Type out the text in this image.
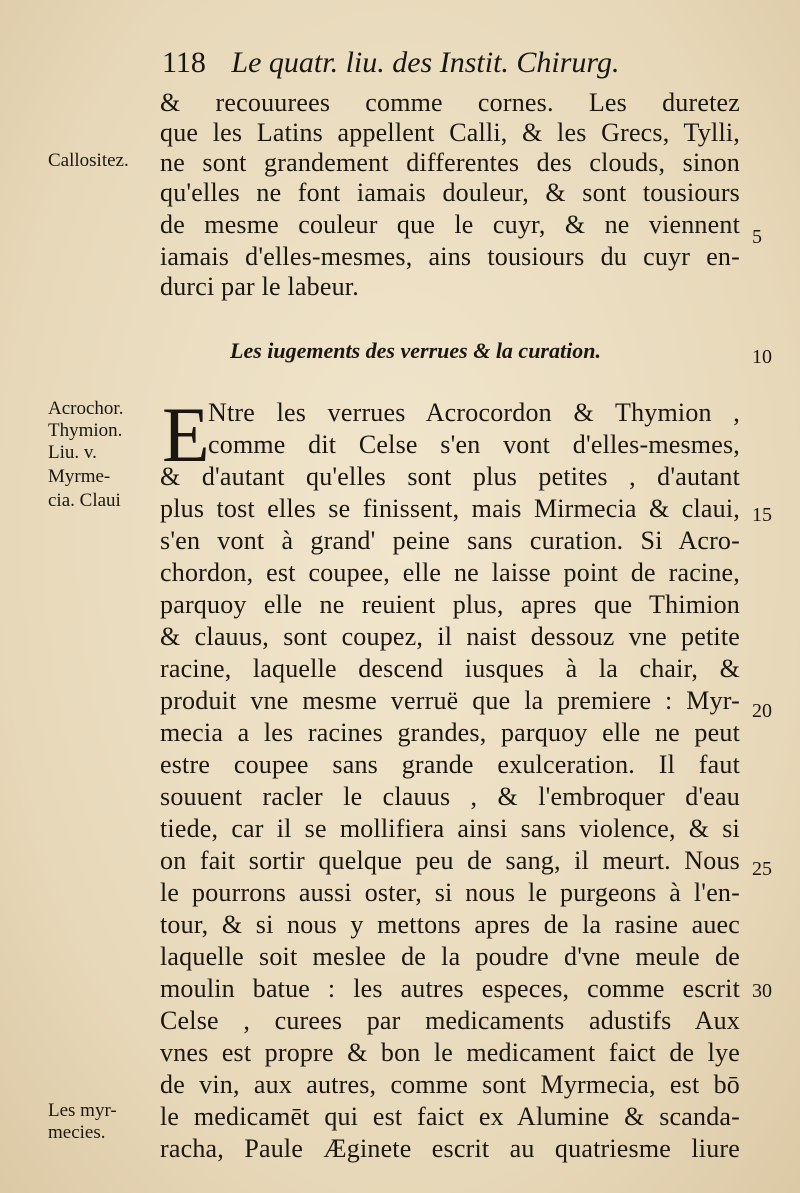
118 Le quatr. liu. des Instit. Chirurg.
& recouurees comme cornes. Les duretez
que les Latins appellent Calli, & les Grecs, Tylli,
ne sont grandement differentes des clouds, sinon
qu'elles ne font iamais douleur, & sont tousiours
de mesme couleur que le cuyr, & ne viennent
iamais d'elles-mesmes, ains tousiours du cuyr en-
durci par le labeur.
Les iugements des verrues & la curation.
E
Ntre les verrues Acrocordon & Thymion ,
comme dit Celse s'en vont d'elles-mesmes,
& d'autant qu'elles sont plus petites , d'autant
plus tost elles se finissent, mais Mirmecia & claui,
s'en vont à grand' peine sans curation. Si Acro-
chordon, est coupee, elle ne laisse point de racine,
parquoy elle ne reuient plus, apres que Thimion
& clauus, sont coupez, il naist dessouz vne petite
racine, laquelle descend iusques à la chair, &
produit vne mesme verruë que la premiere : Myr-
mecia a les racines grandes, parquoy elle ne peut
estre coupee sans grande exulceration. Il faut
souuent racler le clauus , & l'embroquer d'eau
tiede, car il se mollifiera ainsi sans violence, & si
on fait sortir quelque peu de sang, il meurt. Nous
le pourrons aussi oster, si nous le purgeons à l'en-
tour, & si nous y mettons apres de la rasine auec
laquelle soit meslee de la poudre d'vne meule de
moulin batue : les autres especes, comme escrit
Celse , curees par medicaments adustifs Aux
vnes est propre & bon le medicament faict de lye
de vin, aux autres, comme sont Myrmecia, est bō
le medicamēt qui est faict ex Alumine & scanda-
racha, Paule Æginete escrit au quatriesme liure
Callositez.
Acrochor.
Thymion.
Liu. v.
Myrme-
cia. Claui
Les myr-
mecies.
5
10
15
20
25
30
